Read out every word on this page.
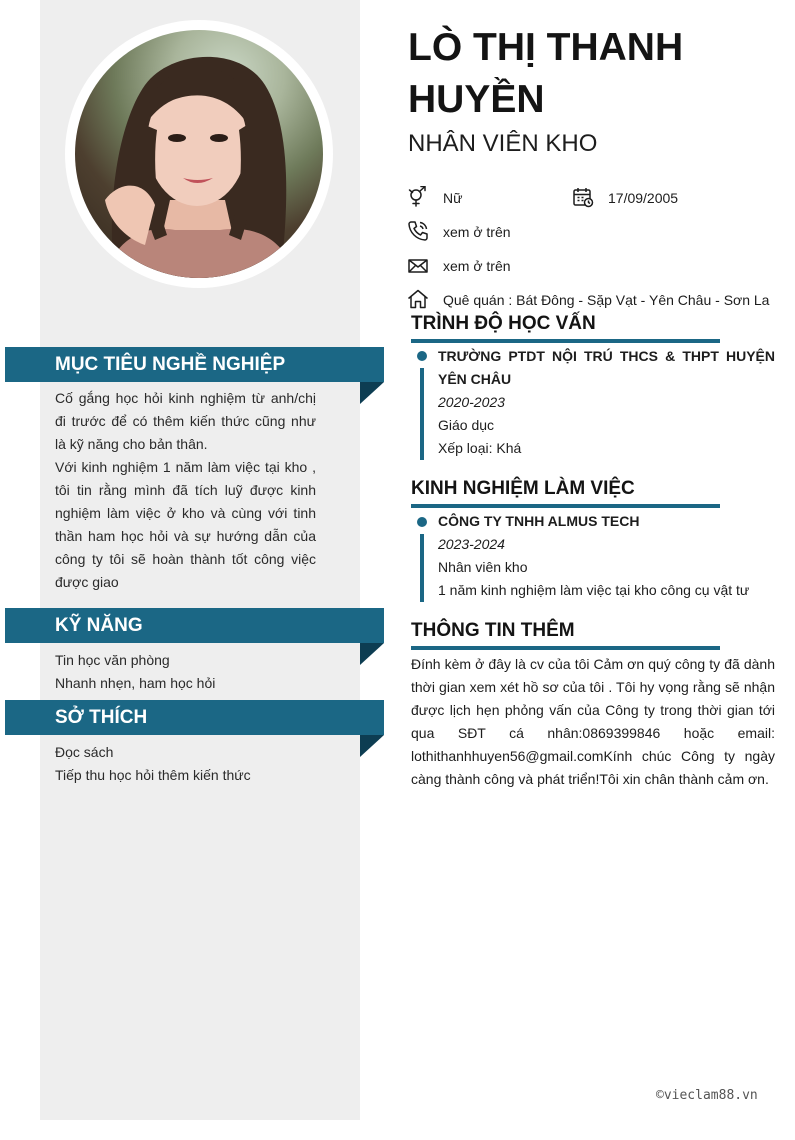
MỤC TIÊU NGHỀ NGHIỆP

Cố gắng học hỏi kinh nghiệm từ anh/chị đi trước để có thêm kiến thức cũng như là kỹ năng cho bản thân.

Với kinh nghiệm 1 năm làm việc tại kho , tôi tin rằng mình đã tích luỹ được kinh nghiệm làm việc ở kho và cùng với tinh thần ham học hỏi và sự hướng dẫn của công ty tôi sẽ hoàn thành tốt công việc được giao

KỸ NĂNG
Tin học văn phòng
Nhanh nhẹn, ham học hỏi
SỞ THÍCH
Đọc sách
Tiếp thu học hỏi thêm kiến thức
LÒ THỊ THANH HUYỀN
NHÂN VIÊN KHO
Nữ	17/09/2005
xem ở trên
xem ở trên
Quê quán : Bát Đông - Sặp Vạt - Yên Châu - Sơn La
TRÌNH ĐỘ HỌC VẤN
TRƯỜNG PTDT NỘI TRÚ THCS & THPT HUYỆN YÊN CHÂU
2020-2023
Giáo dục
Xếp loại: Khá
KINH NGHIỆM LÀM VIỆC
CÔNG TY TNHH ALMUS TECH
2023-2024
Nhân viên kho
1 năm kinh nghiệm làm việc tại kho công cụ vật tư
THÔNG TIN THÊM
Đính kèm ở đây là cv của tôi Cảm ơn quý công ty đã dành thời gian xem xét hồ sơ của tôi . Tôi hy vọng rằng sẽ nhận được lịch hẹn phỏng vấn của Công ty trong thời gian tới qua SĐT cá nhân:0869399846 hoặc email: lothithanhhuyen56@gmail.comKính chúc Công ty ngày càng thành công và phát triển!Tôi xin chân thành cảm ơn.
©vieclam88.vn
